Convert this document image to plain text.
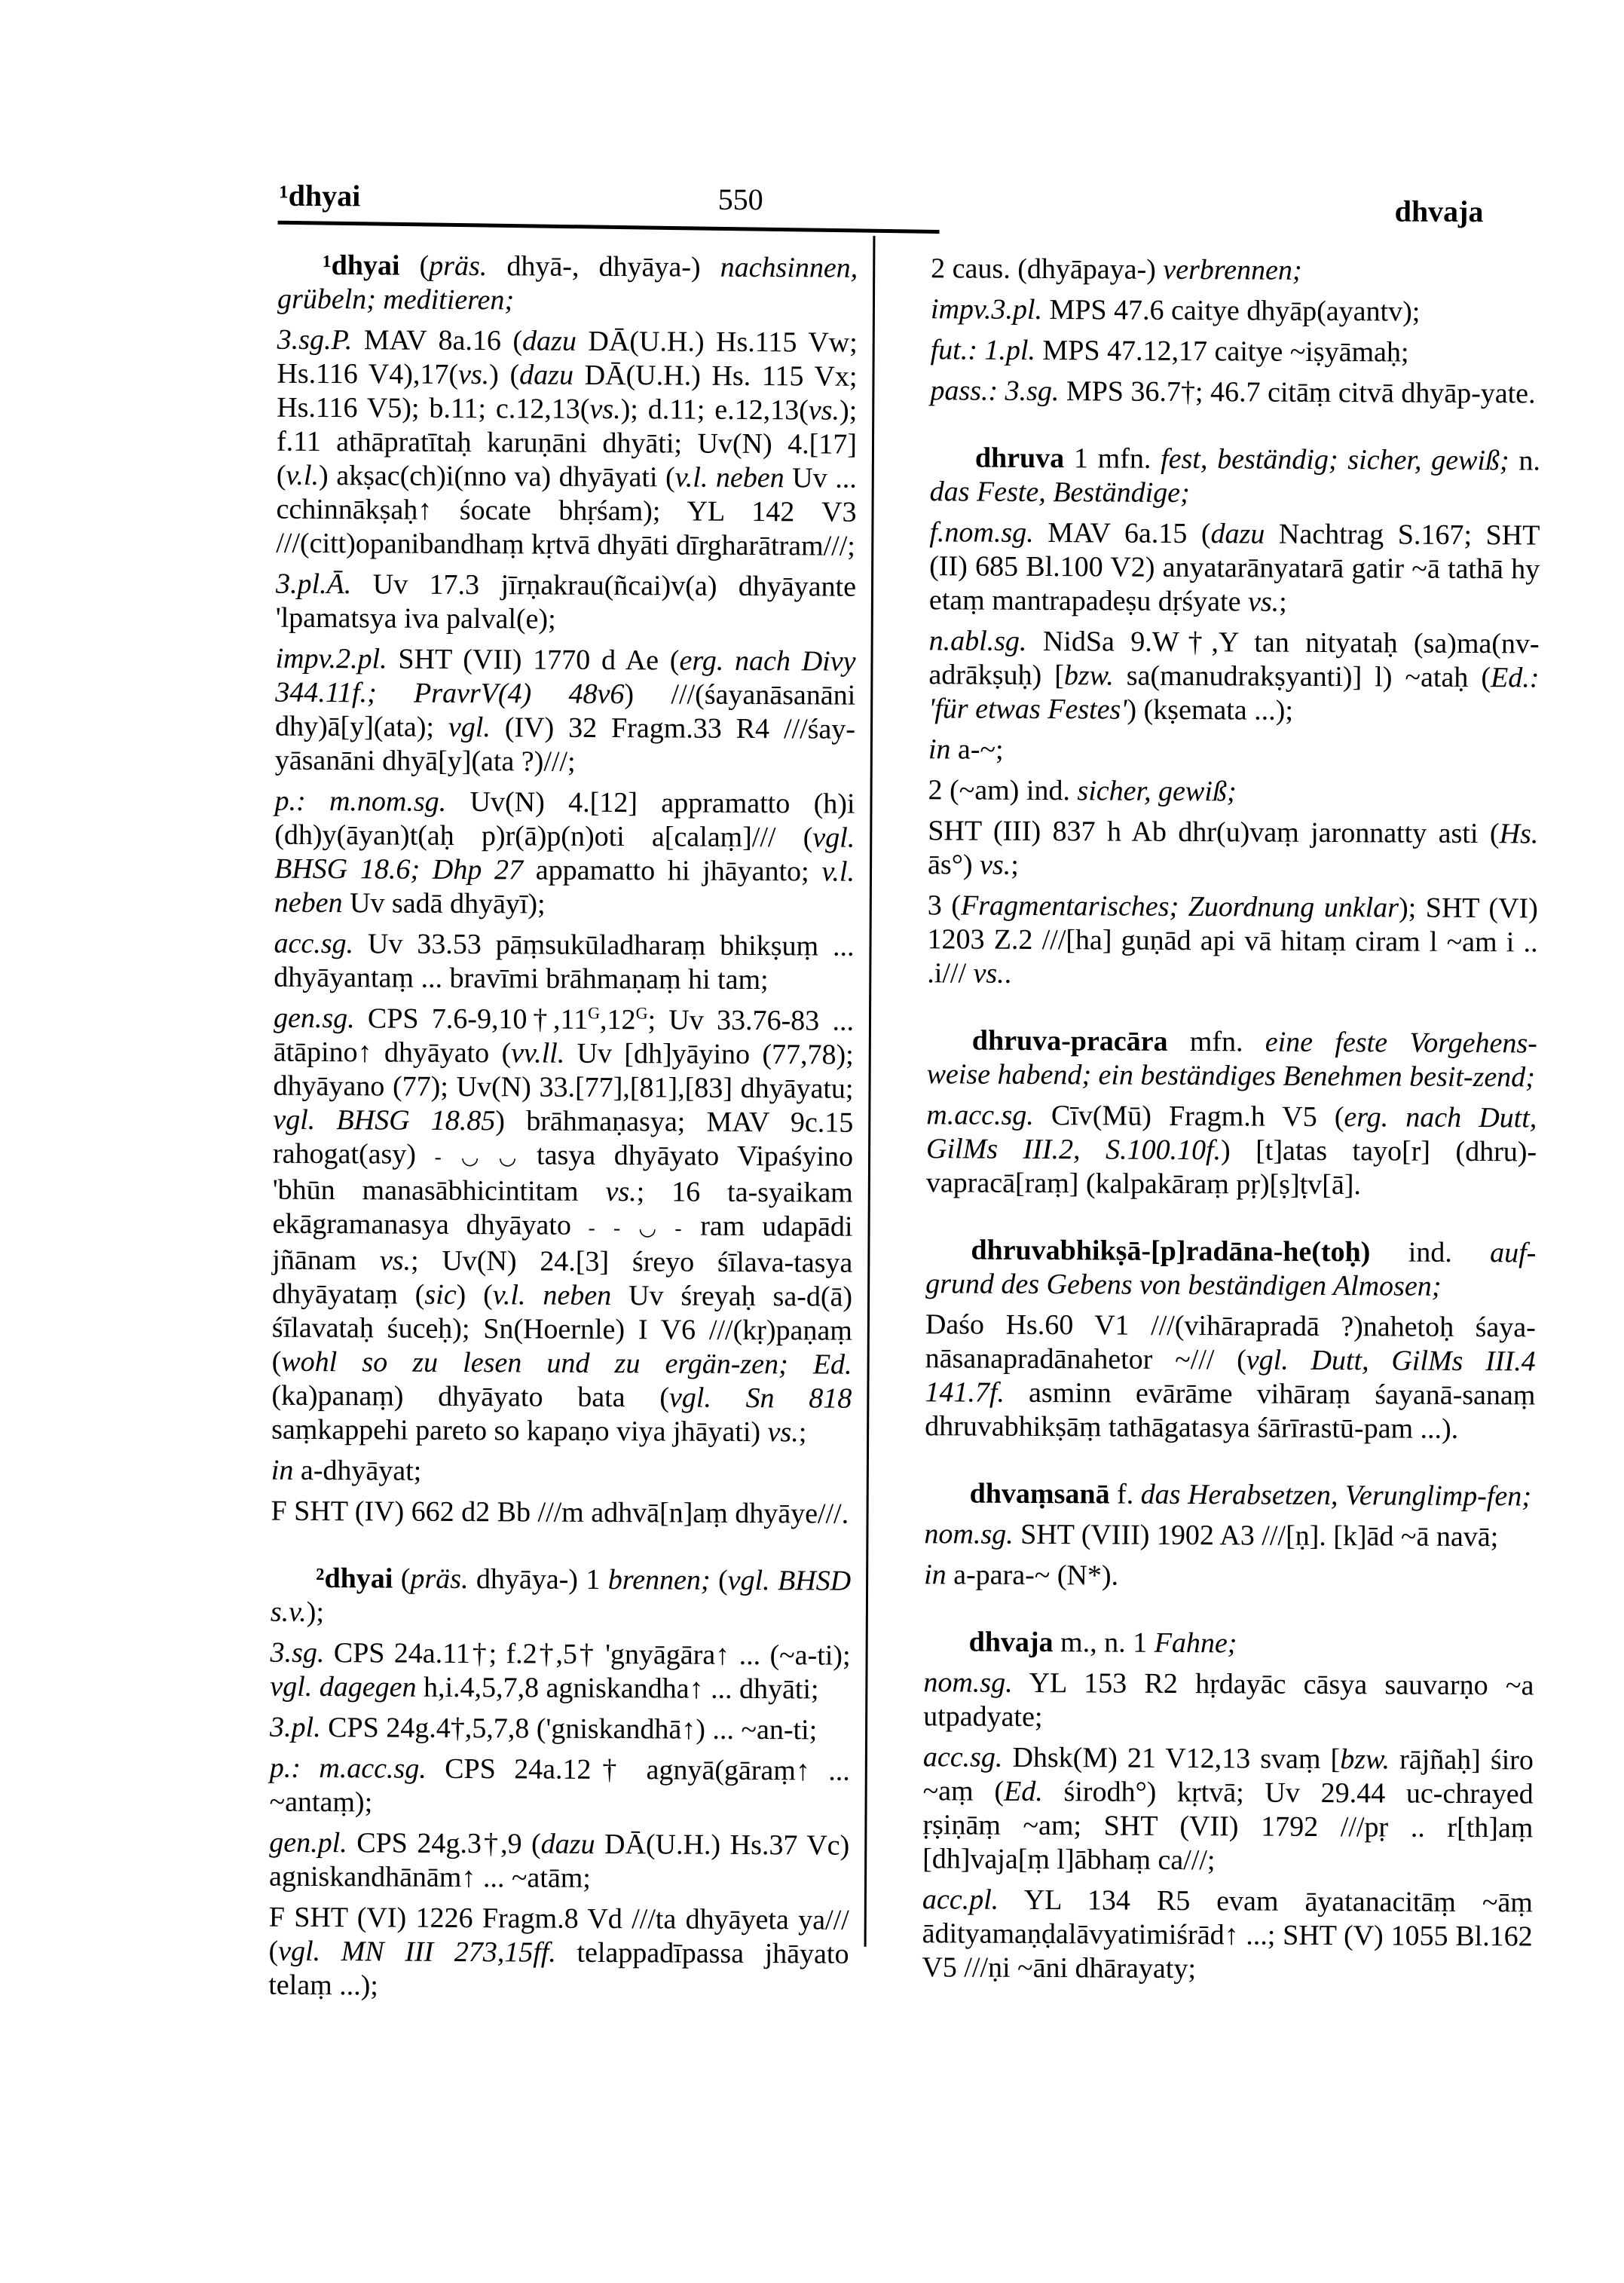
¹dhyai	550	dhvaja

¹dhyai (präs. dhyā-, dhyāya-) nachsinnen, grübeln; meditieren;

3.sg.P. MAV 8a.16 (dazu DĀ(U.H.) Hs.115 Vw; Hs.116 V4),17(vs.) (dazu DĀ(U.H.) Hs. 115 Vx; Hs.116 V5); b.11; c.12,13(vs.); d.11; e.12,13(vs.); f.11 athāpratītaḥ karuṇāni dhyāti; Uv(N) 4.[17] (v.l.) akṣac(ch)i(nno va) dhyāyati (v.l. neben Uv ... cchinnākṣaḥ↑ śocate bhṛśam); YL 142 V3 ///(citt)opanibandhaṃ kṛtvā dhyāti dīrgharātram///;

3.pl.Ā. Uv 17.3 jīrṇakrau(ñcai)v(a) dhyāyante 'lpamatsya iva palval(e);

impv.2.pl. SHT (VII) 1770 d Ae (erg. nach Divy 344.11f.; PravrV(4) 48v6) ///(śayanāsanāni dhy)ā[y](ata); vgl. (IV) 32 Fragm.33 R4 ///śay-yāsanāni dhyā[y](ata ?)///;

p.: m.nom.sg. Uv(N) 4.[12] appramatto (h)i (dh)y(āyan)t(aḥ p)r(ā)p(n)oti a[calaṃ]/// (vgl. BHSG 18.6; Dhp 27 appamatto hi jhāyanto; v.l. neben Uv sadā dhyāyī);

acc.sg. Uv 33.53 pāṃsukūladharaṃ bhikṣuṃ ... dhyāyantaṃ ... bravīmi brāhmaṇaṃ hi tam;

gen.sg. CPS $7.6-9,10\dagger,11^G,12^G$; Uv 33.76-83 ... ātāpino↑ dhyāyato (vv.ll. Uv [dh]yāyino (77,78); dhyāyano (77); Uv(N) 33.[77],[81],[83] dhyāyatu; vgl. BHSG 18.85) brāhmaṇasya; MAV 9c.15 rahogat(asy) - ◡ ◡ tasya dhyāyato Vipaśyino 'bhūn manasābhicintitam vs.; 16 ta-syaikam ekāgramanasya dhyāyato - - ◡ - ram udapādi jñānam vs.; Uv(N) 24.[3] śreyo śīlava-tasya dhyāyataṃ (sic) (v.l. neben Uv śreyaḥ sa-d(ā) śīlavataḥ śuceḥ); Sn(Hoernle) I V6 ///(kṛ)paṇaṃ (wohl so zu lesen und zu ergän-zen; Ed. (ka)panaṃ) dhyāyato bata (vgl. Sn 818 saṃkappehi pareto so kapaṇo viya jhāyati) vs.;

in a-dhyāyat;

F SHT (IV) 662 d2 Bb ///m adhvā[n]aṃ dhyāye///.

²dhyai (präs. dhyāya-) 1 brennen; (vgl. BHSD s.v.);

3.sg. CPS 24a.11†; f.2†,5† 'gnyāgāra↑ ... (~a-ti); vgl. dagegen h,i.4,5,7,8 agniskandha↑ ... dhyāti;

3.pl. CPS 24g.4†,5,7,8 ('gniskandhā↑) ... ~an-ti;

p.: m.acc.sg. CPS 24a.12† agnyā(gāraṃ↑ ... ~antaṃ);

gen.pl. CPS 24g.3†,9 (dazu DĀ(U.H.) Hs.37 Vc) agniskandhānām↑ ... ~atām;

F SHT (VI) 1226 Fragm.8 Vd ///ta dhyāyeta ya/// (vgl. MN III 273,15ff. telappadīpassa jhāyato telaṃ ...);

2 caus. (dhyāpaya-) verbrennen;

impv.3.pl. MPS 47.6 caitye dhyāp(ayantv);

fut.: 1.pl. MPS 47.12,17 caitye ~iṣyāmaḥ;

pass.: 3.sg. MPS 36.7†; 46.7 citāṃ citvā dhyāp-yate.

dhruva 1 mfn. fest, beständig; sicher, gewiß; n. das Feste, Beständige;

f.nom.sg. MAV 6a.15 (dazu Nachtrag S.167; SHT (II) 685 Bl.100 V2) anyatarānyatarā gatir ~ā tathā hy etaṃ mantrapadeṣu dṛśyate vs.;

n.abl.sg. NidSa 9.W†,Y tan nityataḥ (sa)ma(nv-adrākṣuḥ) [bzw. sa(manudrakṣyanti)] l) ~ataḥ (Ed.: 'für etwas Festes') (kṣemata ...);

in a-~;

2 (~am) ind. sicher, gewiß;

SHT (III) 837 h Ab dhr(u)vaṃ jaronnatty asti (Hs. ās°) vs.;

3 (Fragmentarisches; Zuordnung unklar); SHT (VI) 1203 Z.2 ///[ha] guṇād api vā hitaṃ ciram l ~am i .. .i/// vs..

dhruva-pracāra mfn. eine feste Vorgehens-weise habend; ein beständiges Benehmen besit-zend;

m.acc.sg. Cīv(Mū) Fragm.h V5 (erg. nach Dutt, GilMs III.2, S.100.10f.) [t]atas tayo[r] (dhru)-vapracā[raṃ] (kalpakāraṃ pṛ)[ṣ]ṭv[ā].

dhruvabhikṣā-[p]radāna-he(toḥ) ind. auf-grund des Gebens von beständigen Almosen;

Daśo Hs.60 V1 ///(vihārapradā ?)nahetoḥ śaya-nāsanapradānahetor ~/// (vgl. Dutt, GilMs III.4 141.7f. asminn evārāme vihāraṃ śayanā-sanaṃ dhruvabhikṣāṃ tathāgatasya śārīrastū-pam ...).

dhvaṃsanā f. das Herabsetzen, Verunglimp-fen;

nom.sg. SHT (VIII) 1902 A3 ///[ṇ]. [k]ād ~ā navā;

in a-para-~ (N*).

dhvaja m., n. 1 Fahne;

nom.sg. YL 153 R2 hṛdayāc cāsya sauvarṇo ~a utpadyate;

acc.sg. Dhsk(M) 21 V12,13 svaṃ [bzw. rājñaḥ] śiro ~aṃ (Ed. śirodh°) kṛtvā; Uv 29.44 uc-chrayed ṛṣiṇāṃ ~am; SHT (VII) 1792 ///pṛ .. r[th]aṃ [dh]vaja[ṃ l]ābhaṃ ca///;

acc.pl. YL 134 R5 evam āyatanacitāṃ ~āṃ ādityamaṇḍalāvyatimiśrād↑ ...; SHT (V) 1055 Bl.162 V5 ///ṇi ~āni dhārayaty;
